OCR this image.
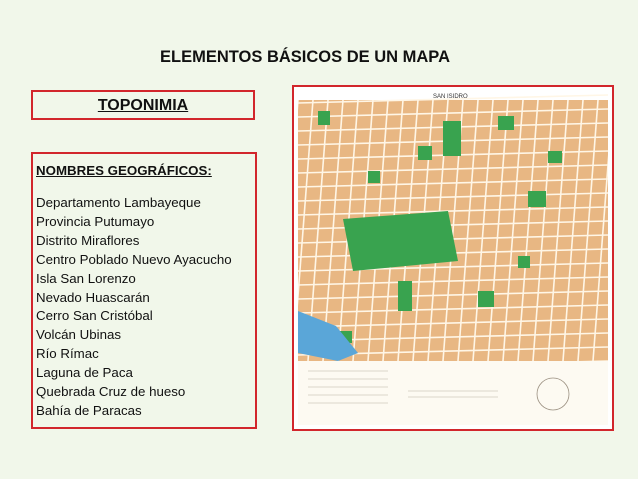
ELEMENTOS BÁSICOS DE UN MAPA
TOPONIMIA
NOMBRES GEOGRÁFICOS:
Departamento Lambayeque
Provincia Putumayo
Distrito Miraflores
Centro Poblado Nuevo Ayacucho
Isla San Lorenzo
Nevado Huascarán
Cerro San Cristóbal
Volcán Ubinas
Río Rímac
Laguna de Paca
Quebrada Cruz de hueso
Bahía de Paracas
SAN ISIDRO
